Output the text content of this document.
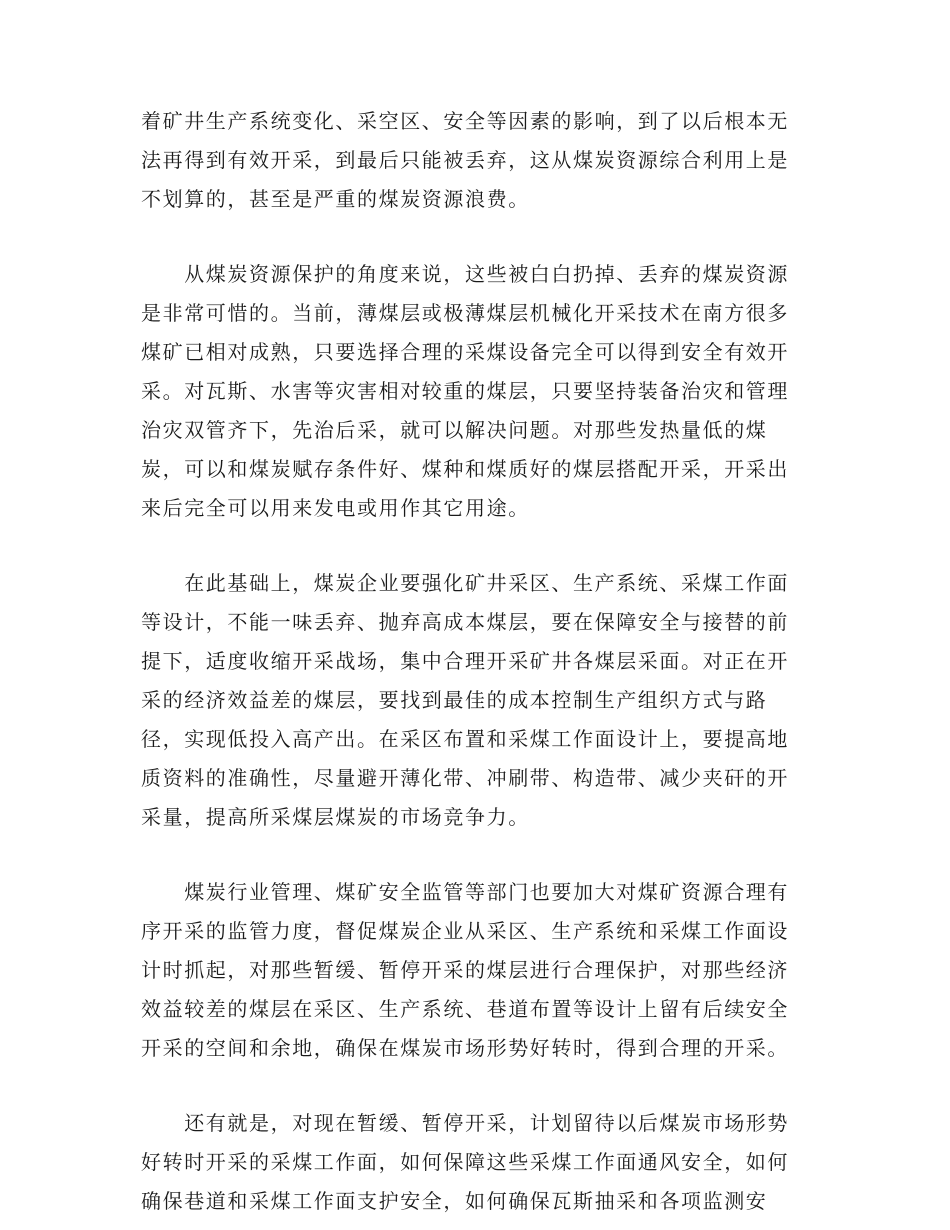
着矿井生产系统变化、采空区、安全等因素的影响，到了以后根本无
法再得到有效开采，到最后只能被丢弃，这从煤炭资源综合利用上是
不划算的，甚至是严重的煤炭资源浪费。
　　从煤炭资源保护的角度来说，这些被白白扔掉、丢弃的煤炭资源
是非常可惜的。当前，薄煤层或极薄煤层机械化开采技术在南方很多
煤矿已相对成熟，只要选择合理的采煤设备完全可以得到安全有效开
采。对瓦斯、水害等灾害相对较重的煤层，只要坚持装备治灾和管理
治灾双管齐下，先治后采，就可以解决问题。对那些发热量低的煤
炭，可以和煤炭赋存条件好、煤种和煤质好的煤层搭配开采，开采出
来后完全可以用来发电或用作其它用途。
　　在此基础上，煤炭企业要强化矿井采区、生产系统、采煤工作面
等设计，不能一味丢弃、抛弃高成本煤层，要在保障安全与接替的前
提下，适度收缩开采战场，集中合理开采矿井各煤层采面。对正在开
采的经济效益差的煤层，要找到最佳的成本控制生产组织方式与路
径，实现低投入高产出。在采区布置和采煤工作面设计上，要提高地
质资料的准确性，尽量避开薄化带、冲刷带、构造带、减少夹矸的开
采量，提高所采煤层煤炭的市场竞争力。
　　煤炭行业管理、煤矿安全监管等部门也要加大对煤矿资源合理有
序开采的监管力度，督促煤炭企业从采区、生产系统和采煤工作面设
计时抓起，对那些暂缓、暂停开采的煤层进行合理保护，对那些经济
效益较差的煤层在采区、生产系统、巷道布置等设计上留有后续安全
开采的空间和余地，确保在煤炭市场形势好转时，得到合理的开采。
　　还有就是，对现在暂缓、暂停开采，计划留待以后煤炭市场形势
好转时开采的采煤工作面，如何保障这些采煤工作面通风安全，如何
确保巷道和采煤工作面支护安全，如何确保瓦斯抽采和各项监测安
